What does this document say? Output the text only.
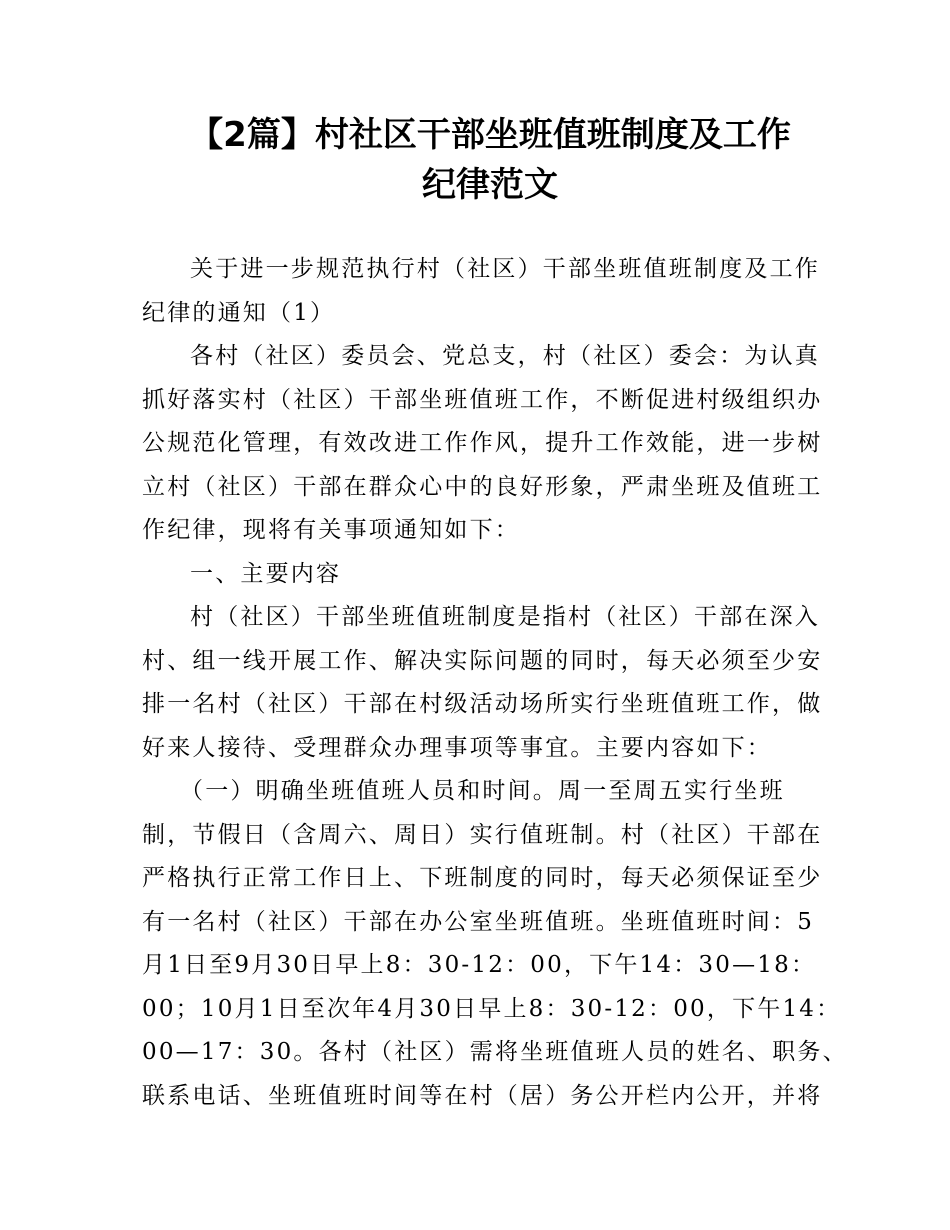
【2篇】村社区干部坐班值班制度及工作
纪律范文
关于进一步规范执行村（社区）干部坐班值班制度及工作
纪律的通知（1）
各村（社区）委员会、党总支，村（社区）委会：为认真
抓好落实村（社区）干部坐班值班工作，不断促进村级组织办
公规范化管理，有效改进工作作风，提升工作效能，进一步树
立村（社区）干部在群众心中的良好形象，严肃坐班及值班工
作纪律，现将有关事项通知如下：
一、主要内容
村（社区）干部坐班值班制度是指村（社区）干部在深入
村、组一线开展工作、解决实际问题的同时，每天必须至少安
排一名村（社区）干部在村级活动场所实行坐班值班工作，做
好来人接待、受理群众办理事项等事宜。主要内容如下：
（一）明确坐班值班人员和时间。周一至周五实行坐班
制，节假日（含周六、周日）实行值班制。村（社区）干部在
严格执行正常工作日上、下班制度的同时，每天必须保证至少
有一名村（社区）干部在办公室坐班值班。坐班值班时间：5
月1日至9月30日早上8：30-12：00，下午14：30—18：
00；10月1日至次年4月30日早上8：30-12：00，下午14：
00—17：30。各村（社区）需将坐班值班人员的姓名、职务、
联系电话、坐班值班时间等在村（居）务公开栏内公开，并将
